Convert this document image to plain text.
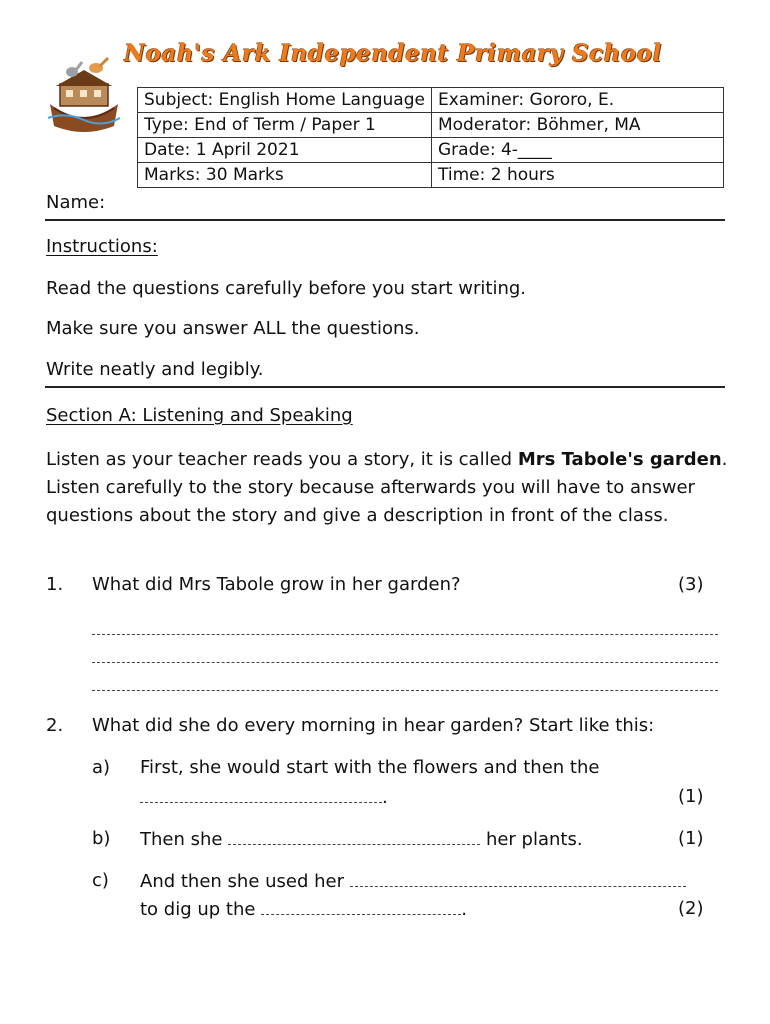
Noah's Ark Independent Primary School
Subject: English Home Language	Examiner: Gororo, E.
Type: End of Term / Paper 1	Moderator: Böhmer, MA
Date: 1 April 2021	Grade: 4-____
Marks: 30 Marks	Time: 2 hours
Name:
Instructions:
Read the questions carefully before you start writing.
Make sure you answer ALL the questions.
Write neatly and legibly.
Section A: Listening and Speaking
Listen as your teacher reads you a story, it is called Mrs Tabole's garden. Listen carefully to the story because afterwards you will have to answer questions about the story and give a description in front of the class.
1. What did Mrs Tabole grow in her garden?	(3)
2. What did she do every morning in hear garden? Start like this:
a) First, she would start with the flowers and then the
.	(1)
b) Then she	her plants.	(1)
c) And then she used her
to dig up the	.	(2)
